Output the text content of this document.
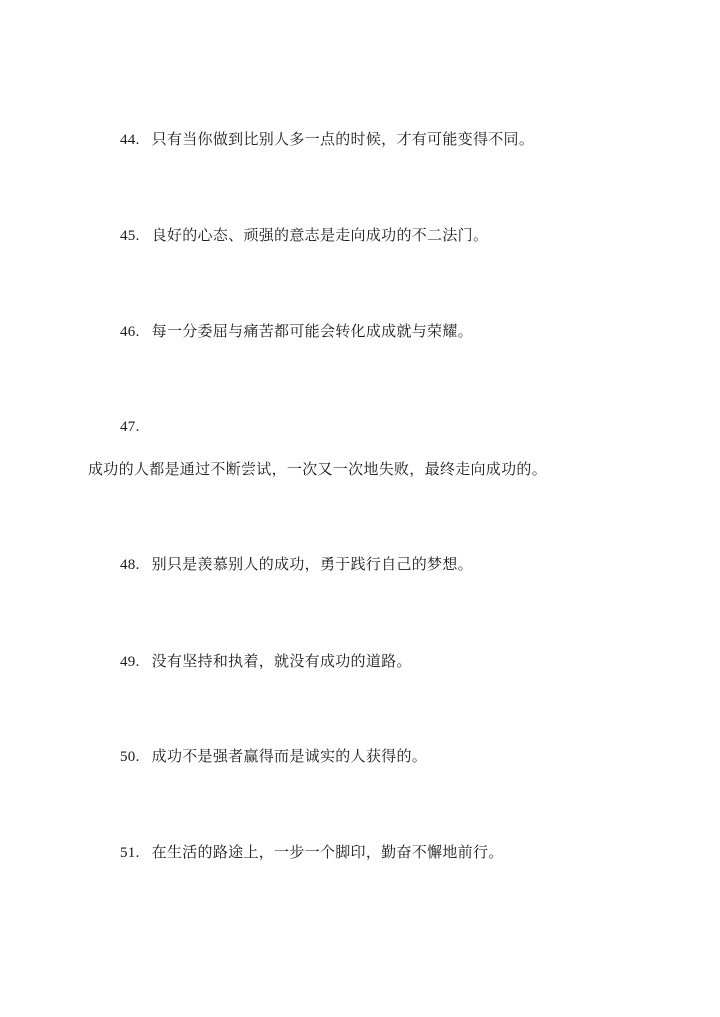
44. 只有当你做到比别人多一点的时候，才有可能变得不同。
45. 良好的心态、顽强的意志是走向成功的不二法门。
46. 每一分委屈与痛苦都可能会转化成成就与荣耀。
47.
成功的人都是通过不断尝试，一次又一次地失败，最终走向成功的。
48. 别只是羡慕别人的成功，勇于践行自己的梦想。
49. 没有坚持和执着，就没有成功的道路。
50. 成功不是强者赢得而是诚实的人获得的。
51. 在生活的路途上，一步一个脚印，勤奋不懈地前行。
